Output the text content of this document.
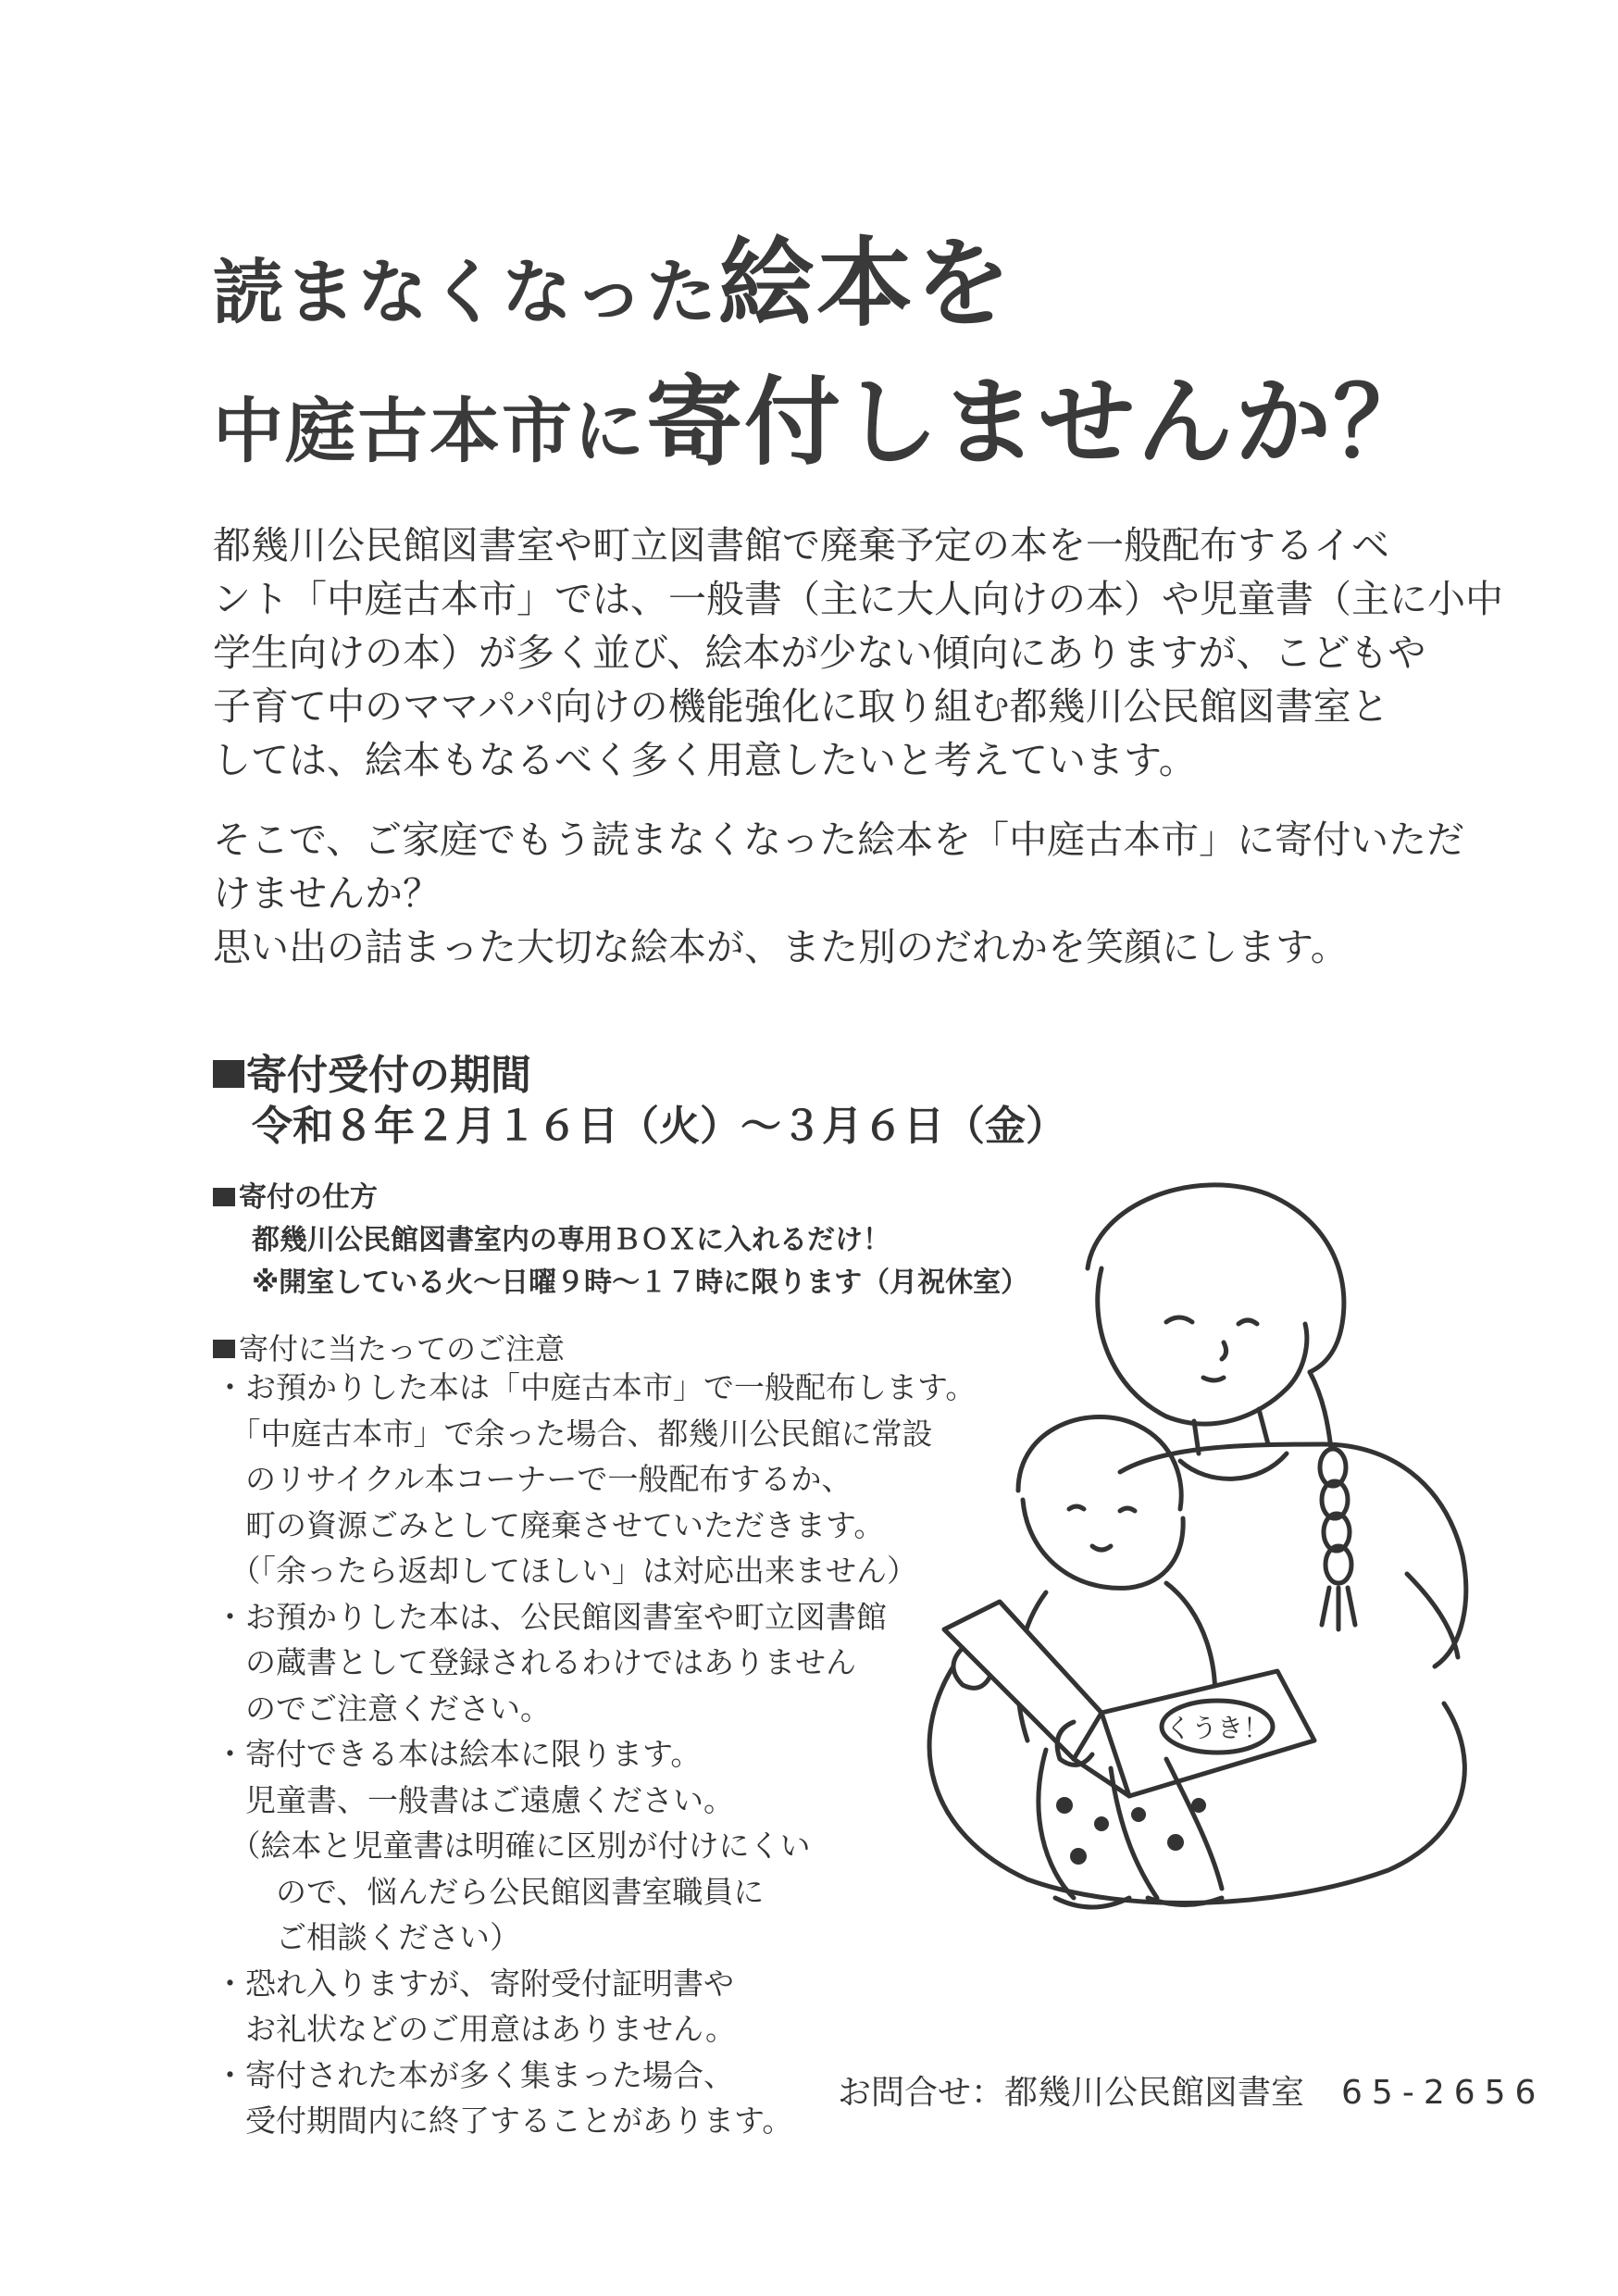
読まなくなった絵本を
中庭古本市に寄付しませんか？
都幾川公民館図書室や町立図書館で廃棄予定の本を一般配布するイベ
ント「中庭古本市」では、一般書（主に大人向けの本）や児童書（主に小中
学生向けの本）が多く並び、絵本が少ない傾向にありますが、こどもや
子育て中のママパパ向けの機能強化に取り組む都幾川公民館図書室と
しては、絵本もなるべく多く用意したいと考えています。
そこで、ご家庭でもう読まなくなった絵本を「中庭古本市」に寄付いただ
けませんか？
思い出の詰まった大切な絵本が、また別のだれかを笑顔にします。
寄付受付の期間
令和８年２月１６日（火）～３月６日（金）
寄付の仕方
都幾川公民館図書室内の専用ＢＯＸに入れるだけ！
※開室している火～日曜９時～１７時に限ります（月祝休室）
寄付に当たってのご注意
・お預かりした本は「中庭古本市」で一般配布します。
　「中庭古本市」で余った場合、都幾川公民館に常設
　のリサイクル本コーナーで一般配布するか、
　町の資源ごみとして廃棄させていただきます。
　（「余ったら返却してほしい」は対応出来ません）
・お預かりした本は、公民館図書室や町立図書館
　の蔵書として登録されるわけではありません
　のでご注意ください。
・寄付できる本は絵本に限ります。
　児童書、一般書はご遠慮ください。
　（絵本と児童書は明確に区別が付けにくい
　　ので、悩んだら公民館図書室職員に
　　ご相談ください）
・恐れ入りますが、寄附受付証明書や
　お礼状などのご用意はありません。
・寄付された本が多く集まった場合、
　受付期間内に終了することがあります。
くうき！
お問合せ：都幾川公民館図書室 65-2656
